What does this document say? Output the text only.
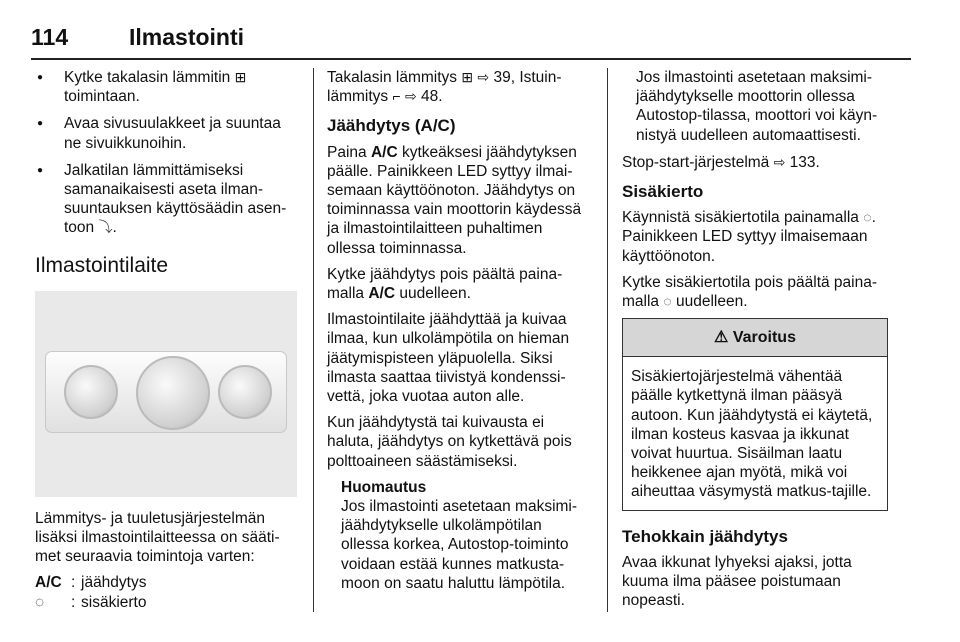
114	Ilmastointi
● Kytke takalasin lämmitin ⊞
toimintaan.
● Avaa sivusuulakkeet ja suuntaa ne sivuikkunoihin.
● Jalkatilan lämmittämiseksi samanaikaisesti aseta ilman-suuntauksen käyttösäädin asen-toon ⤵.
Ilmastointilaite

Lämmitys- ja tuuletusjärjestelmän lisäksi ilmastointilaitteessa on sääti-met seuraavia toimintoja varten:

A/C : jäähdytys
◌	: sisäkierto

Takalasin lämmitys ⊞ ⇨ 39, Istuin-lämmitys ⌐ ⇨ 48.

Jäähdytys (A/C)

Paina A/C kytkeäksesi jäähdytyksen päälle. Painikkeen LED syttyy ilmai-semaan käyttöönoton. Jäähdytys on toiminnassa vain moottorin käydessä ja ilmastointilaitteen puhaltimen ollessa toiminnassa.

Kytke jäähdytys pois päältä paina-malla A/C uudelleen.

Ilmastointilaite jäähdyttää ja kuivaa ilmaa, kun ulkolämpötila on hieman jäätymispisteen yläpuolella. Siksi ilmasta saattaa tiivistyä kondenssi-vettä, joka vuotaa auton alle.

Kun jäähdytystä tai kuivausta ei haluta, jäähdytys on kytkettävä pois polttoaineen säästämiseksi.

Huomautus
Jos ilmastointi asetetaan maksimi-jäähdytykselle ulkolämpötilan ollessa korkea, Autostop-toiminto voidaan estää kunnes matkusta-moon on saatu haluttu lämpötila.
Jos ilmastointi asetetaan maksimi-jäähdytykselle moottorin ollessa Autostop-tilassa, moottori voi käyn-nistyä uudelleen automaattisesti.

Stop-start-järjestelmä ⇨ 133.

Sisäkierto

Käynnistä sisäkiertotila painamalla ◌. Painikkeen LED syttyy ilmaisemaan käyttöönoton.

Kytke sisäkiertotila pois päältä paina-malla ◌ uudelleen.

⚠ Varoitus
Sisäkiertojärjestelmä vähentää päälle kytkettynä ilman pääsyä autoon. Kun jäähdytystä ei käytetä, ilman kosteus kasvaa ja ikkunat voivat huurtua. Sisäilman laatu heikkenee ajan myötä, mikä voi aiheuttaa väsymystä matkus-tajille.
Tehokkain jäähdytys

Avaa ikkunat lyhyeksi ajaksi, jotta kuuma ilma pääsee poistumaan nopeasti.
